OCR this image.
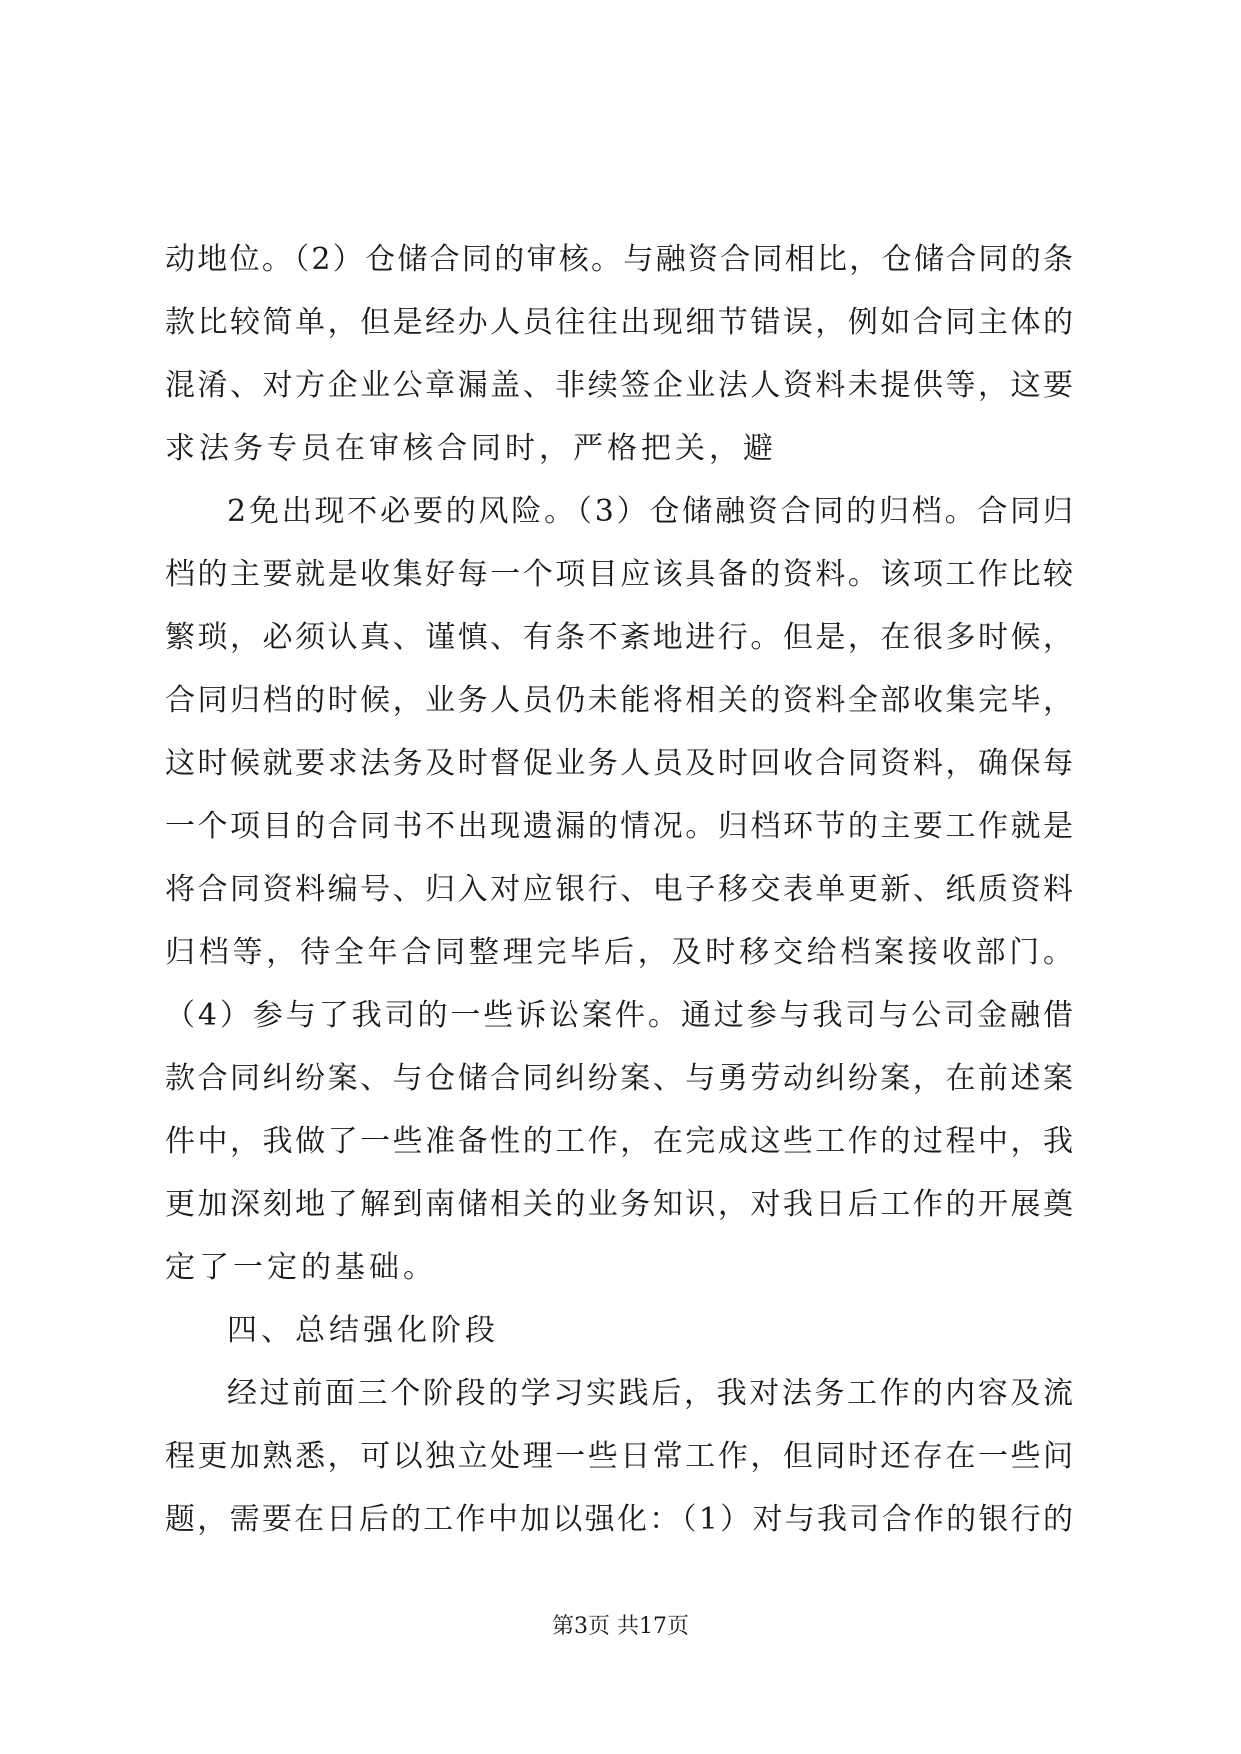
动地位。（2）仓储合同的审核。与融资合同相比，仓储合同的条
款比较简单，但是经办人员往往出现细节错误，例如合同主体的
混淆、对方企业公章漏盖、非续签企业法人资料未提供等，这要
求法务专员在审核合同时，严格把关，避
2免出现不必要的风险。（3）仓储融资合同的归档。合同归
档的主要就是收集好每一个项目应该具备的资料。该项工作比较
繁琐，必须认真、谨慎、有条不紊地进行。但是，在很多时候，
合同归档的时候，业务人员仍未能将相关的资料全部收集完毕，
这时候就要求法务及时督促业务人员及时回收合同资料，确保每
一个项目的合同书不出现遗漏的情况。归档环节的主要工作就是
将合同资料编号、归入对应银行、电子移交表单更新、纸质资料
归档等，待全年合同整理完毕后，及时移交给档案接收部门。
（4）参与了我司的一些诉讼案件。通过参与我司与公司金融借
款合同纠纷案、与仓储合同纠纷案、与勇劳动纠纷案，在前述案
件中，我做了一些准备性的工作，在完成这些工作的过程中，我
更加深刻地了解到南储相关的业务知识，对我日后工作的开展奠
定了一定的基础。
四、总结强化阶段
经过前面三个阶段的学习实践后，我对法务工作的内容及流
程更加熟悉，可以独立处理一些日常工作，但同时还存在一些问
题，需要在日后的工作中加以强化：（1）对与我司合作的银行的
第3页 共17页
